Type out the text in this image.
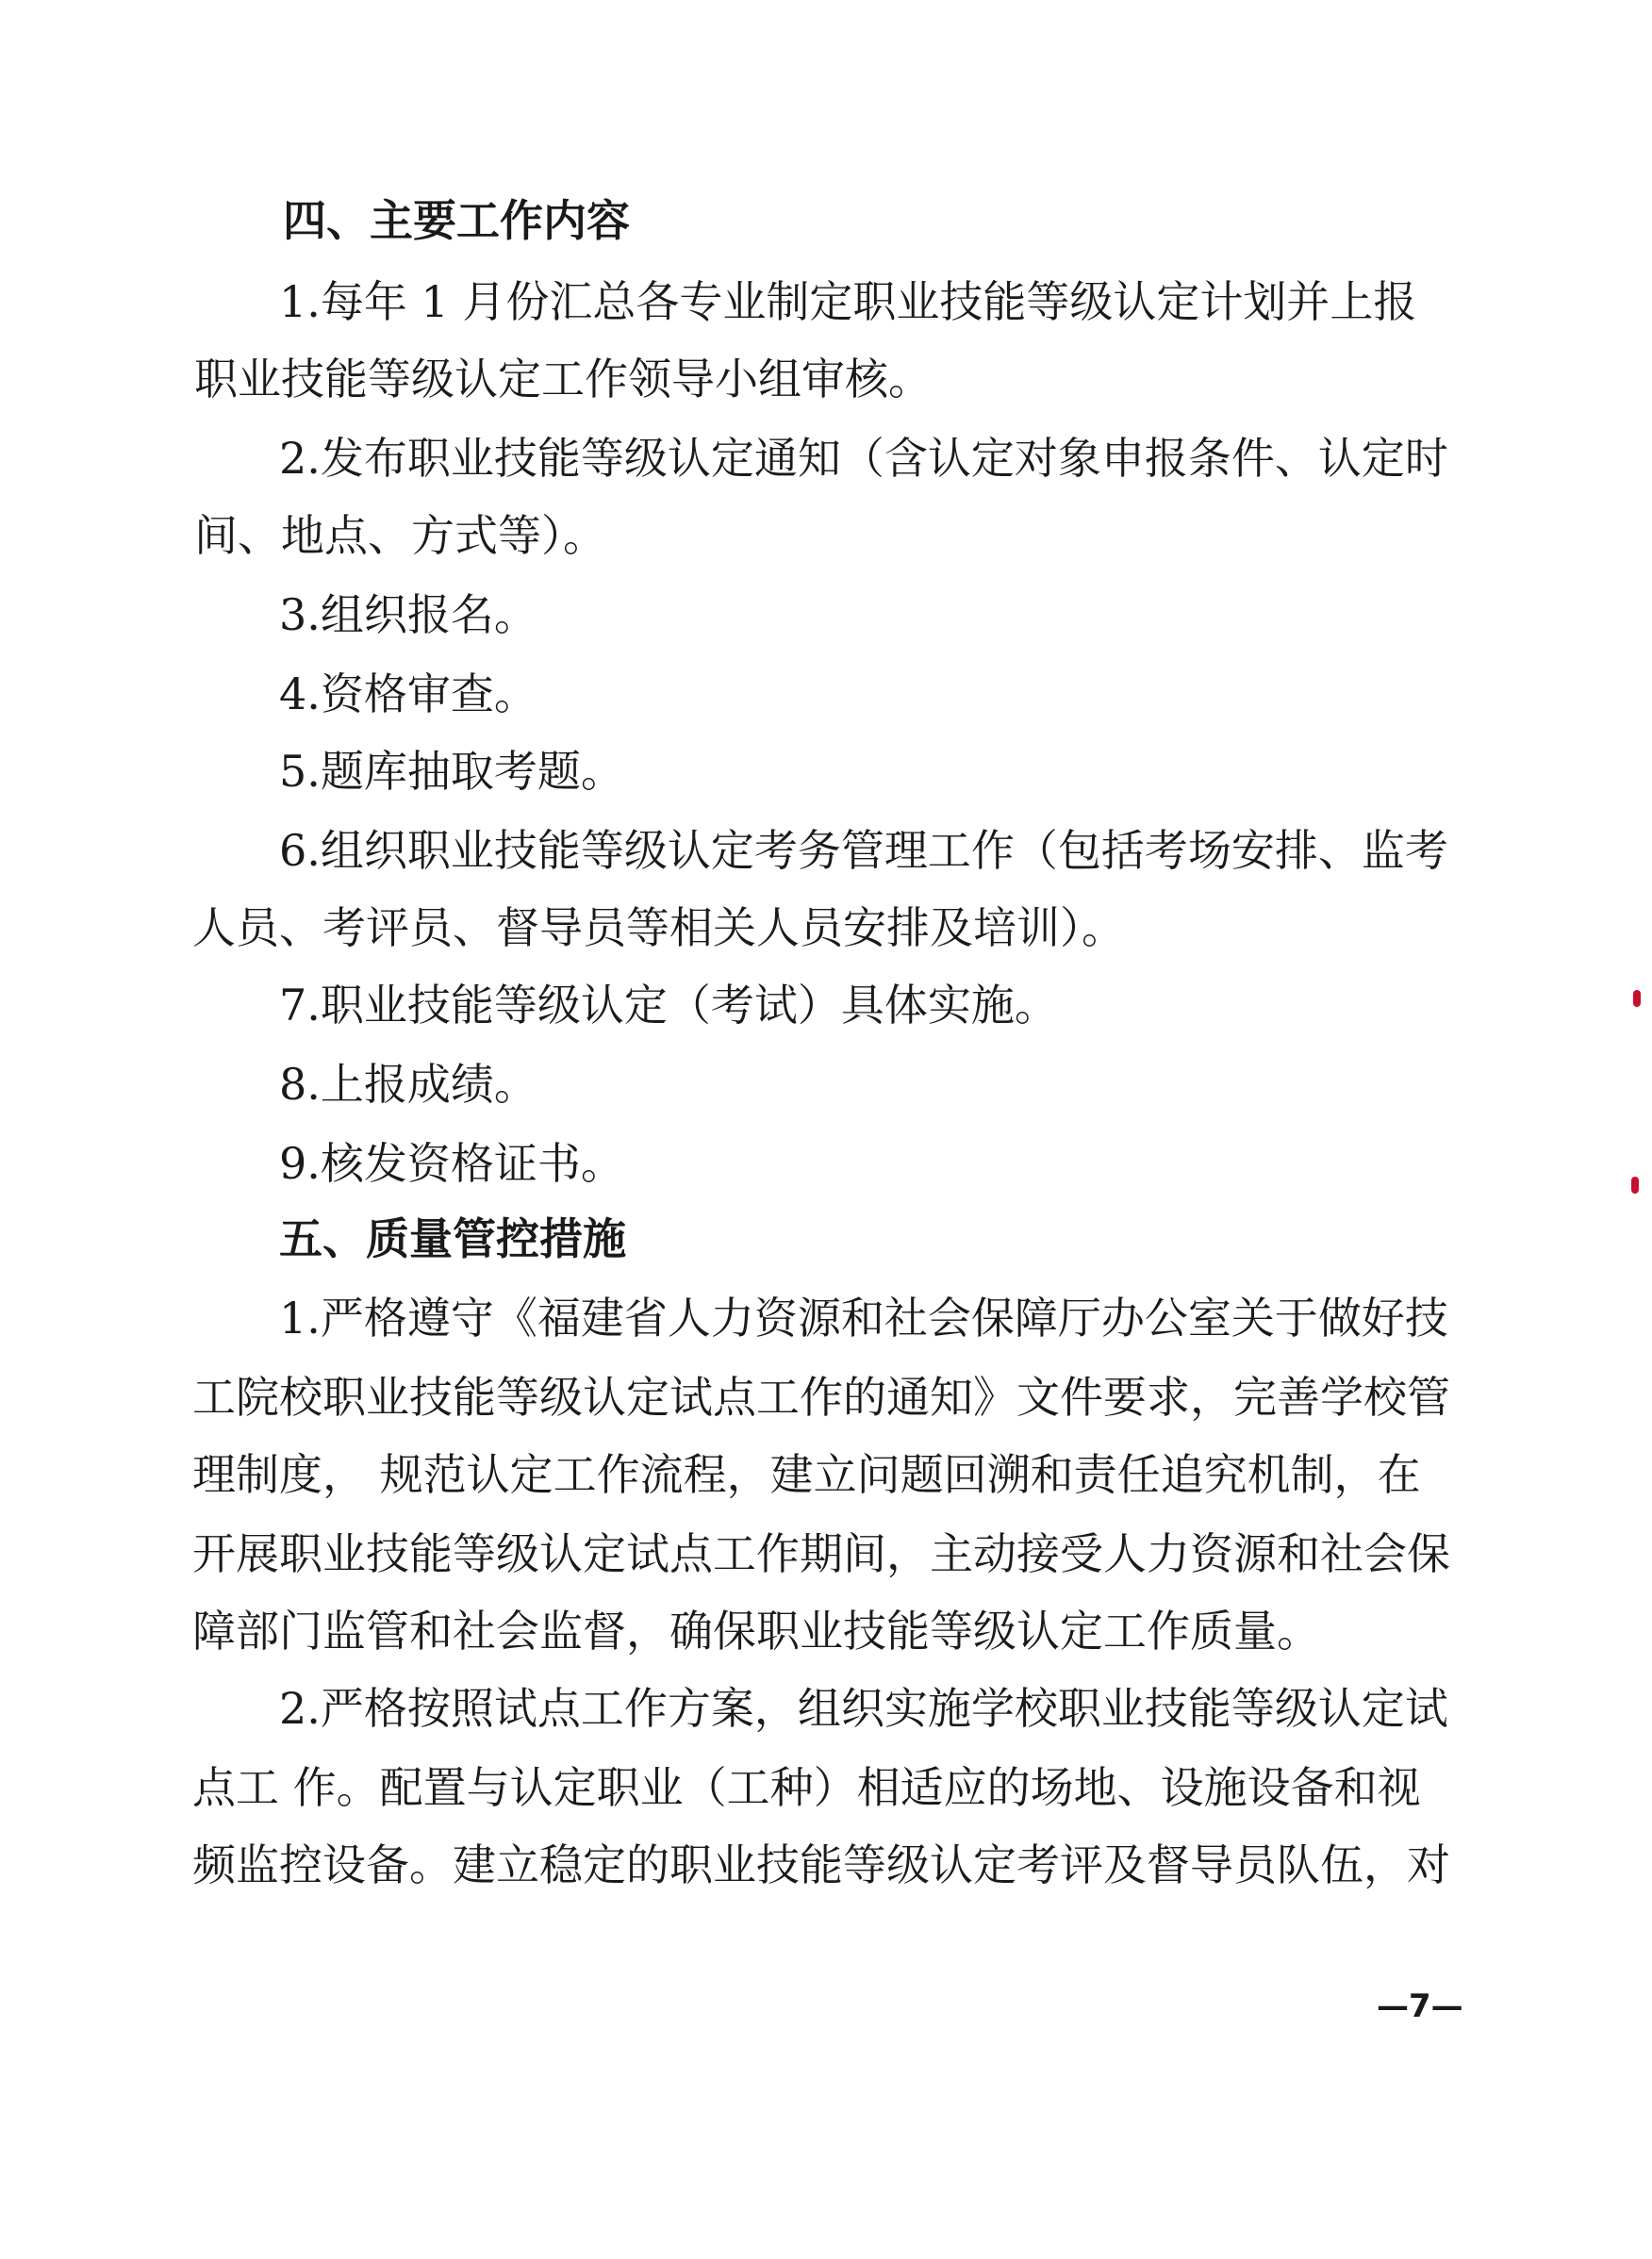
四、主要工作内容
1.每年 1 月份汇总各专业制定职业技能等级认定计划并上报
职业技能等级认定工作领导小组审核。
2.发布职业技能等级认定通知（含认定对象申报条件、认定时
间、地点、方式等）。
3.组织报名。
4.资格审查。
5.题库抽取考题。
6.组织职业技能等级认定考务管理工作（包括考场安排、监考
人员、考评员、督导员等相关人员安排及培训）。
7.职业技能等级认定（考试）具体实施。
8.上报成绩。
9.核发资格证书。
五、质量管控措施
1.严格遵守《福建省人力资源和社会保障厅办公室关于做好技
工院校职业技能等级认定试点工作的通知》文件要求，完善学校管
理制度， 规范认定工作流程，建立问题回溯和责任追究机制，在
开展职业技能等级认定试点工作期间，主动接受人力资源和社会保
障部门监管和社会监督，确保职业技能等级认定工作质量。
2.严格按照试点工作方案，组织实施学校职业技能等级认定试
点工 作。配置与认定职业（工种）相适应的场地、设施设备和视
频监控设备。建立稳定的职业技能等级认定考评及督导员队伍，对
—7—
